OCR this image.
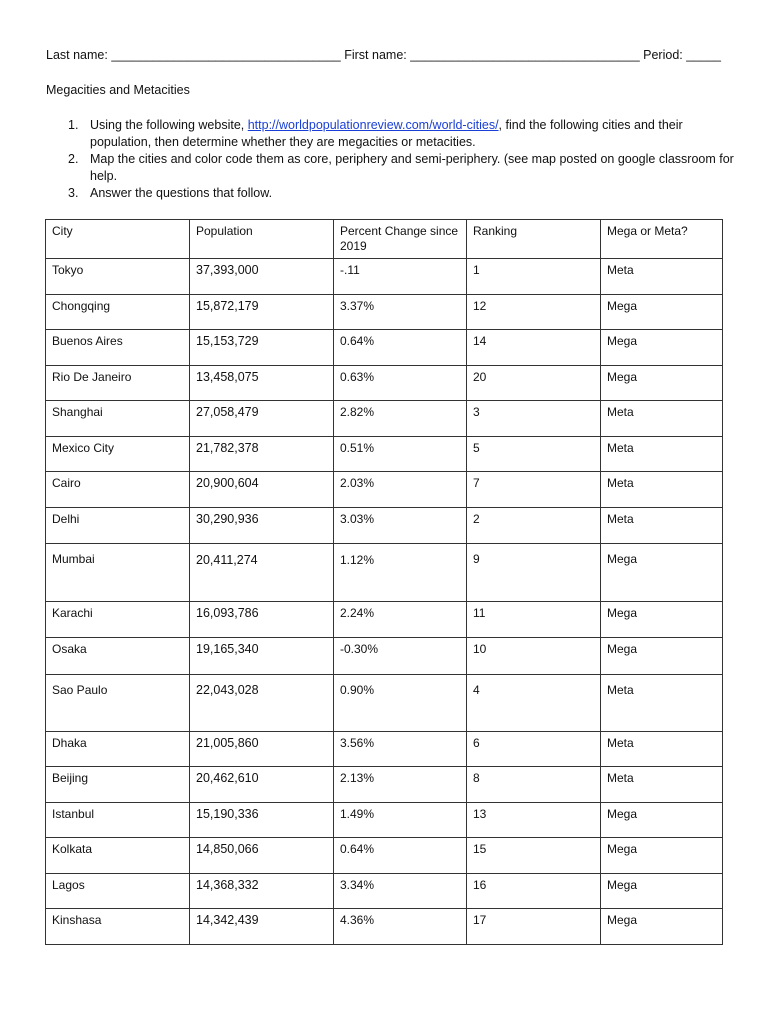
Last name: _________________________________ First name: _________________________________ Period: _____
Megacities and Metacities
1. Using the following website, http://worldpopulationreview.com/world-cities/, find the following cities and their population, then determine whether they are megacities or metacities.
2. Map the cities and color code them as core, periphery and semi-periphery. (see map posted on google classroom for help.
3. Answer the questions that follow.
City	Population	Percent Change since 2019	Ranking	Mega or Meta?
Tokyo	37,393,000	-.11	1	Meta
Chongqing	15,872,179	3.37%	12	Mega
Buenos Aires	15,153,729	0.64%	14	Mega
Rio De Janeiro	13,458,075	0.63%	20	Mega
Shanghai	27,058,479	2.82%	3	Meta
Mexico City	21,782,378	0.51%	5	Meta
Cairo	20,900,604	2.03%	7	Meta
Delhi	30,290,936	3.03%	2	Meta
Mumbai	20,411,274	1.12%	9	Mega
Karachi	16,093,786	2.24%	11	Mega
Osaka	19,165,340	-0.30%	10	Mega
Sao Paulo	22,043,028	0.90%	4	Meta
Dhaka	21,005,860	3.56%	6	Meta
Beijing	20,462,610	2.13%	8	Meta
Istanbul	15,190,336	1.49%	13	Mega
Kolkata	14,850,066	0.64%	15	Mega
Lagos	14,368,332	3.34%	16	Mega
Kinshasa	14,342,439	4.36%	17	Mega
